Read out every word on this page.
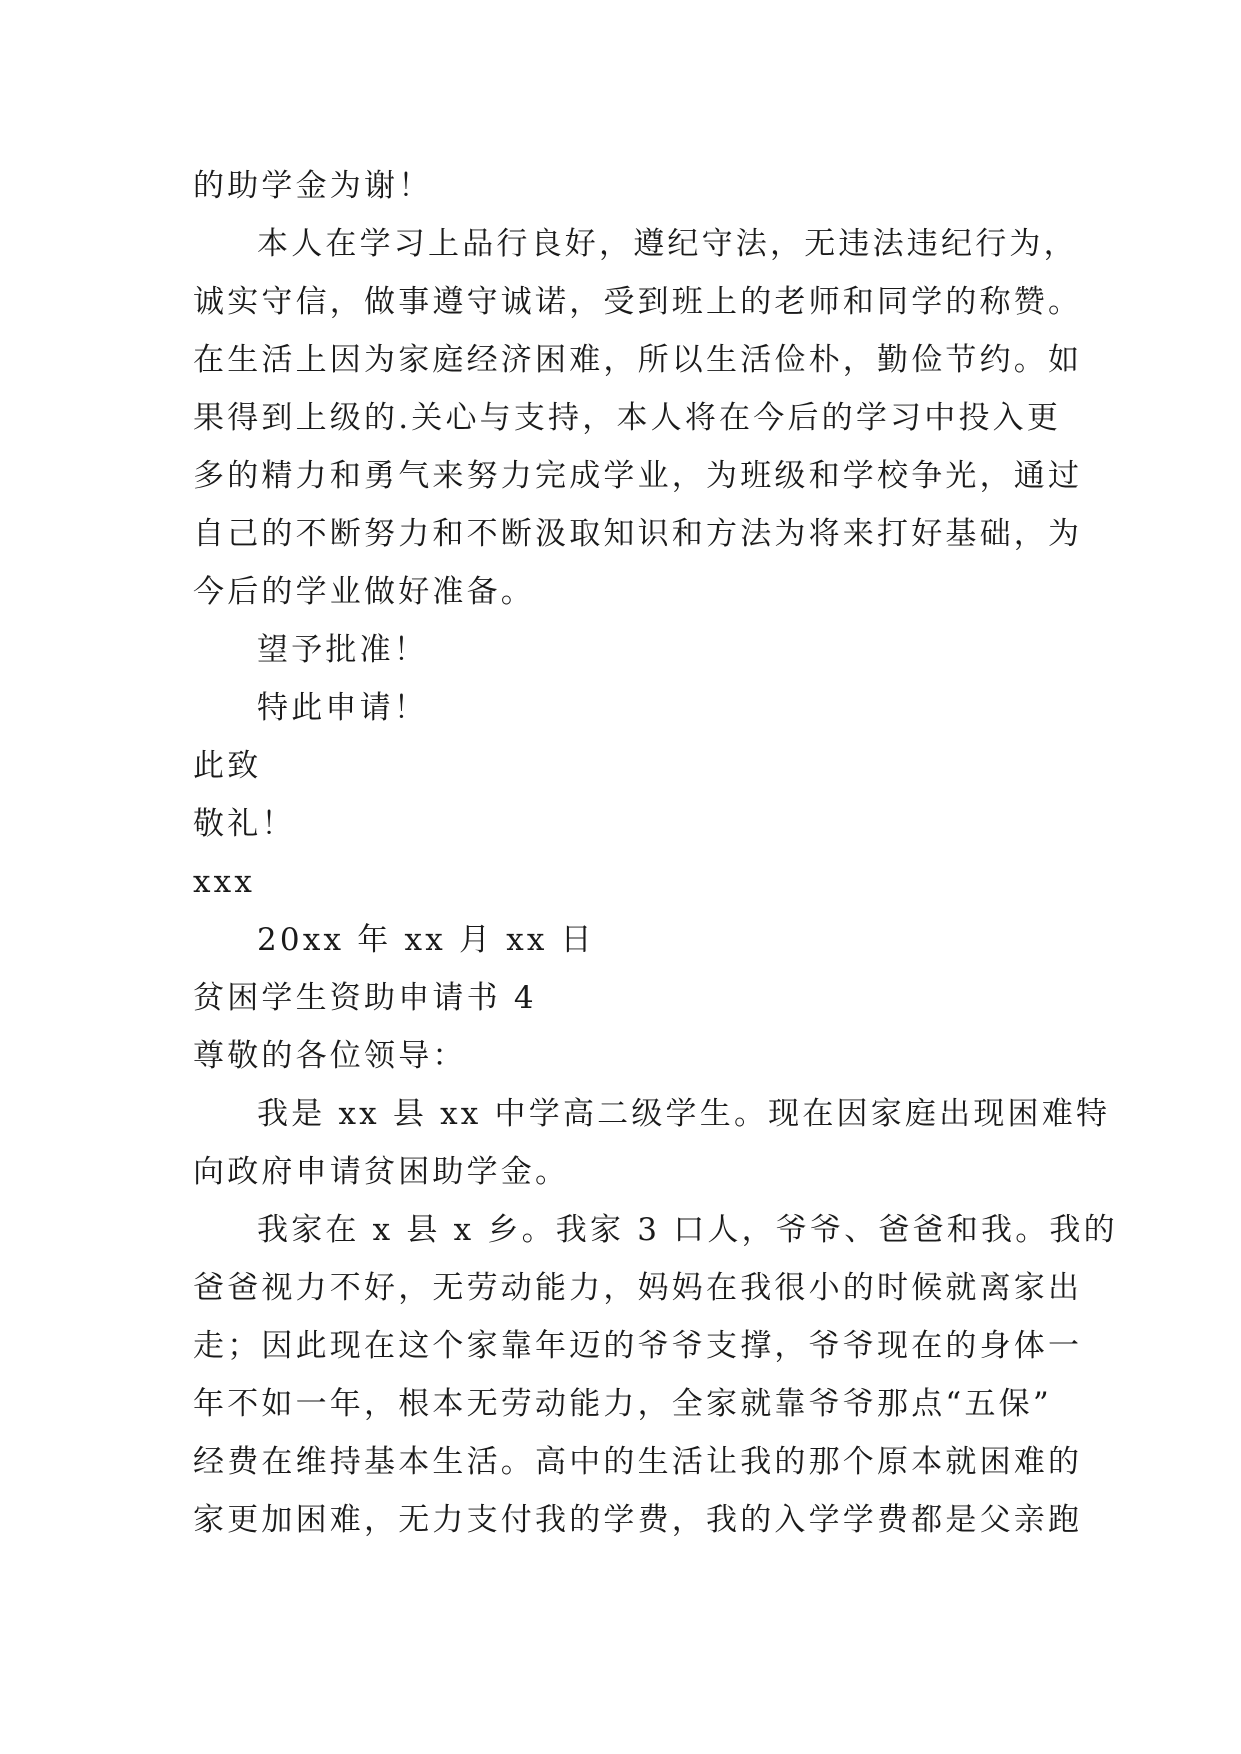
的助学金为谢！
本人在学习上品行良好，遵纪守法，无违法违纪行为，
诚实守信，做事遵守诚诺，受到班上的老师和同学的称赞。
在生活上因为家庭经济困难，所以生活俭朴，勤俭节约。如
果得到上级的.关心与支持，本人将在今后的学习中投入更
多的精力和勇气来努力完成学业，为班级和学校争光，通过
自己的不断努力和不断汲取知识和方法为将来打好基础，为
今后的学业做好准备。
望予批准！
特此申请！
此致
敬礼！
xxx
20xx 年 xx 月 xx 日
贫困学生资助申请书 4
尊敬的各位领导：
我是 xx 县 xx 中学高二级学生。现在因家庭出现困难特
向政府申请贫困助学金。
我家在 x 县 x 乡。我家 3 口人，爷爷、爸爸和我。我的
爸爸视力不好，无劳动能力，妈妈在我很小的时候就离家出
走；因此现在这个家靠年迈的爷爷支撑，爷爷现在的身体一
年不如一年，根本无劳动能力，全家就靠爷爷那点“五保”
经费在维持基本生活。高中的生活让我的那个原本就困难的
家更加困难，无力支付我的学费，我的入学学费都是父亲跑
